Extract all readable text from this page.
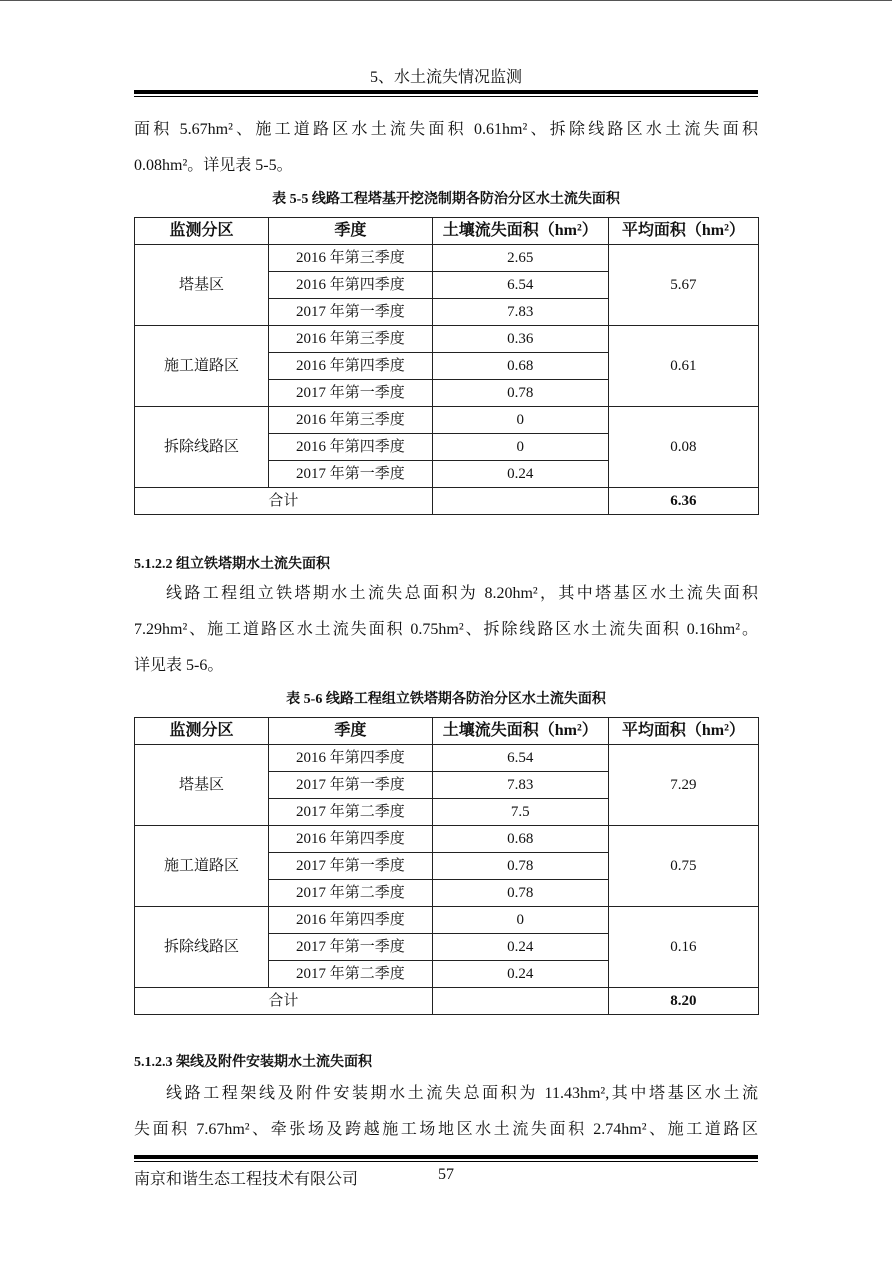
5、水土流失情况监测
面积 5.67hm²、施工道路区水土流失面积 0.61hm²、拆除线路区水土流失面积
0.08hm²。详见表 5-5。
表 5-5 线路工程塔基开挖浇制期各防治分区水土流失面积
监测分区	季度	土壤流失面积（hm²）	平均面积（hm²）
塔基区	2016 年第三季度	2.65	5.67
	2016 年第四季度	6.54	
	2017 年第一季度	7.83	
施工道路区	2016 年第三季度	0.36	0.61
	2016 年第四季度	0.68	
	2017 年第一季度	0.78	
拆除线路区	2016 年第三季度	0	0.08
	2016 年第四季度	0	
	2017 年第一季度	0.24	
合计			6.36
5.1.2.2 组立铁塔期水土流失面积
线路工程组立铁塔期水土流失总面积为 8.20hm²，其中塔基区水土流失面积
7.29hm²、施工道路区水土流失面积 0.75hm²、拆除线路区水土流失面积 0.16hm²。
详见表 5-6。
表 5-6 线路工程组立铁塔期各防治分区水土流失面积
监测分区	季度	土壤流失面积（hm²）	平均面积（hm²）
塔基区	2016 年第四季度	6.54	7.29
	2017 年第一季度	7.83	
	2017 年第二季度	7.5	
施工道路区	2016 年第四季度	0.68	0.75
	2017 年第一季度	0.78	
	2017 年第二季度	0.78	
拆除线路区	2016 年第四季度	0	0.16
	2017 年第一季度	0.24	
	2017 年第二季度	0.24	
合计			8.20
5.1.2.3 架线及附件安装期水土流失面积
线路工程架线及附件安装期水土流失总面积为 11.43hm²,其中塔基区水土流
失面积 7.67hm²、牵张场及跨越施工场地区水土流失面积 2.74hm²、施工道路区
南京和谐生态工程技术有限公司	57
